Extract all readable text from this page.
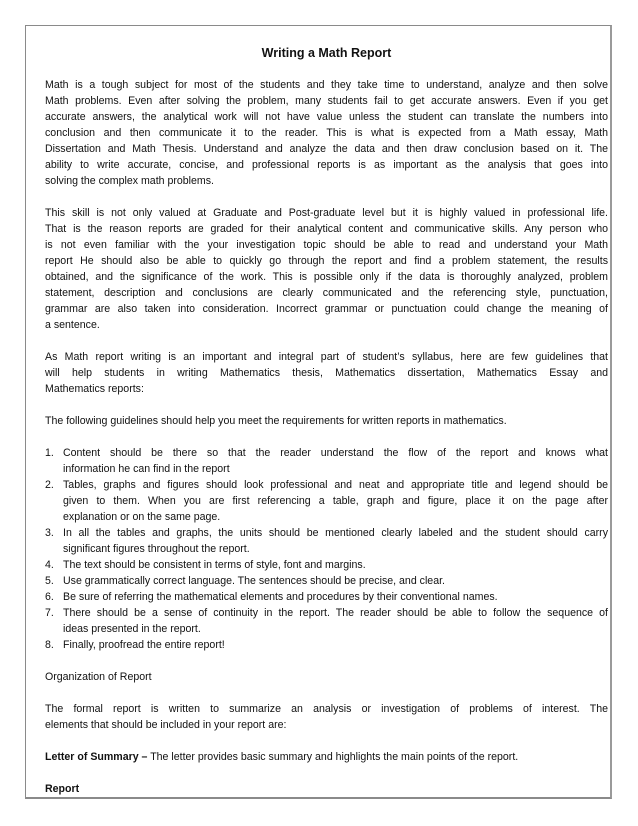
Writing a Math Report
Math is a tough subject for most of the students and they take time to understand, analyze and then solve
Math problems. Even after solving the problem, many students fail to get accurate answers. Even if you get
accurate answers, the analytical work will not have value unless the student can translate the numbers into
conclusion and then communicate it to the reader. This is what is expected from a Math essay, Math
Dissertation and Math Thesis. Understand and analyze the data and then draw conclusion based on it. The
ability to write accurate, concise, and professional reports is as important as the analysis that goes into
solving the complex math problems.
This skill is not only valued at Graduate and Post-graduate level but it is highly valued in professional life.
That is the reason reports are graded for their analytical content and communicative skills. Any person who
is not even familiar with the your investigation topic should be able to read and understand your Math
report He should also be able to quickly go through the report and find a problem statement, the results
obtained, and the significance of the work. This is possible only if the data is thoroughly analyzed, problem
statement, description and conclusions are clearly communicated and the referencing style, punctuation,
grammar are also taken into consideration. Incorrect grammar or punctuation could change the meaning of
a sentence.
As Math report writing is an important and integral part of student’s syllabus, here are few guidelines that
will help students in writing Mathematics thesis, Mathematics dissertation, Mathematics Essay and
Mathematics reports:
The following guidelines should help you meet the requirements for written reports in mathematics.
1. Content should be there so that the reader understand the flow of the report and knows what
information he can find in the report
2. Tables, graphs and figures should look professional and neat and appropriate title and legend should be
given to them. When you are first referencing a table, graph and figure, place it on the page after
explanation or on the same page.
3. In all the tables and graphs, the units should be mentioned clearly labeled and the student should carry
significant figures throughout the report.
4. The text should be consistent in terms of style, font and margins.
5. Use grammatically correct language. The sentences should be precise, and clear.
6. Be sure of referring the mathematical elements and procedures by their conventional names.
7. There should be a sense of continuity in the report. The reader should be able to follow the sequence of
ideas presented in the report.
8. Finally, proofread the entire report!
Organization of Report
The formal report is written to summarize an analysis or investigation of problems of interest. The
elements that should be included in your report are:
Letter of Summary – The letter provides basic summary and highlights the main points of the report.
Report
